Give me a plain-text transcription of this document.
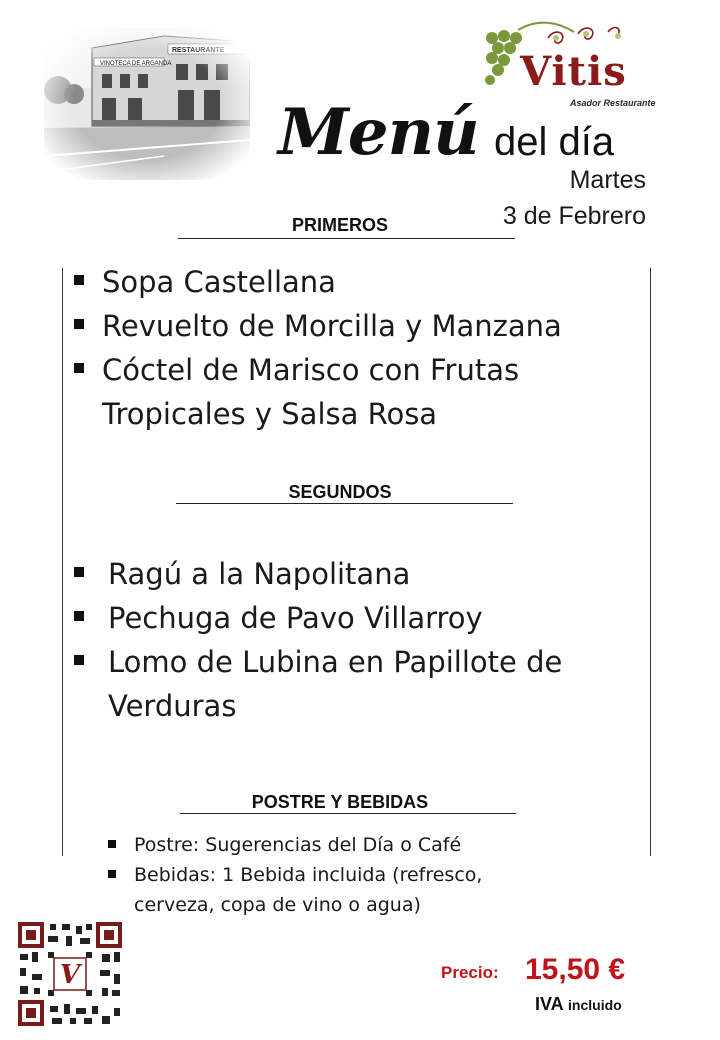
Vitis
Asador Restaurante
Menú del día
Martes
3 de Febrero
PRIMEROS
Sopa Castellana
Revuelto de Morcilla y Manzana
Cóctel de Marisco con Frutas
Tropicales y Salsa Rosa
SEGUNDOS
Ragú a la Napolitana
Pechuga de Pavo Villarroy
Lomo de Lubina en Papillote de
Verduras
POSTRE Y BEBIDAS
Postre: Sugerencias del Día o Café
Bebidas: 1 Bebida incluida (refresco,
cerveza, copa de vino o agua)
V	Precio: 15,50 €
IVA incluido
